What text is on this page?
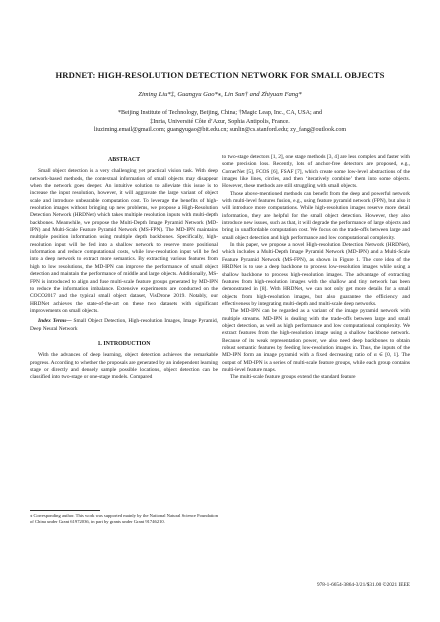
HRDNET: HIGH-RESOLUTION DETECTION NETWORK FOR SMALL OBJECTS
Ziming Liu*‡, Guangyu Gao*⁎, Lin Sun† and Zhiyuan Fang*
*Beijing Institute of Technology, Beijing, China; †Magic Leap, Inc., CA, USA; and
‡Inria, Université Côte d’Azur, Sophia Antipolis, France.
liuziming.email@gmail.com; guangyugao@bit.edu.cn; sunlin@cs.stanford.edu; zy_fang@outlook.com
ABSTRACT

Small object detection is a very challenging yet practical vision task. With deep network-based methods, the contextual information of small objects may disappear when the network goes deeper. An intuitive solution to alleviate this issue is to increase the input resolution, however, it will aggravate the large variant of object scale and introduce unbearable computation cost. To leverage the benefits of high-resolution images without bringing up new problems, we propose a High-Resolution Detection Network (HRDNet) which takes multiple resolution inputs with multi-depth backbones. Meanwhile, we propose the Multi-Depth Image Pyramid Network (MD-IPN) and Multi-Scale Feature Pyramid Network (MS-FPN). The MD-IPN maintains multiple position information using multiple depth backbones. Specifically, high-resolution input will be fed into a shallow network to reserve more positional information and reduce computational costs, while low-resolution input will be fed into a deep network to extract more semantics. By extracting various features from high to low resolutions, the MD-IPN can improve the performance of small object detection and maintain the performance of middle and large objects. Additionally, MS-FPN is introduced to align and fuse multi-scale feature groups generated by MD-IPN to reduce the information imbalance. Extensive experiments are conducted on the COCO2017 and the typical small object dataset, VisDrone 2019. Notably, our HRDNet achieves the state-of-the-art on these two datasets with significant improvements on small objects.

Index Terms— Small Object Detection, High-resolution Images, Image Pyramid, Deep Neural Network

1. INTRODUCTION

With the advances of deep learning, object detection achieves the remarkable progress. According to whether the proposals are generated by an independent learning stage or directly and densely sample possible locations, object detection can be classified into two-stage or one-stage models. Compared

⁎ Corresponding author. This work was supported mainly by the National Natural Science Foundation of China under Grant 61972036, in part by grants under Grant 91746210.

to two-stage detectors [1, 2], one stage methods [3, 4] are less complex and faster with some precision loss. Recently, lots of anchor-free detectors are proposed, e.g., CornerNet [5], FCOS [6], FSAF [7], which create some low-level abstractions of the images like lines, circles, and then ‘iteratively combine’ them into some objects. However, these methods are still struggling with small objects.

Those above-mentioned methods can benefit from the deep and powerful network with multi-level features fusion, e.g., using feature pyramid network (FPN), but also it will introduce more computations. While high-resolution images reserve more detail information, they are helpful for the small object detection. However, they also introduce new issues, such as that, it will degrade the performance of large objects and bring in unaffordable computation cost. We focus on the trade-offs between large and small object detection and high performance and low computational complexity.

In this paper, we propose a novel High-resolution Detection Network (HRDNet), which includes a Multi-Depth Image Pyramid Network (MD-IPN) and a Multi-Scale Feature Pyramid Network (MS-FPN), as shown in Figure 1. The core idea of the HRDNet is to use a deep backbone to process low-resolution images while using a shallow backbone to process high-resolution images. The advantage of extracting features from high-resolution images with the shallow and tiny network has been demonstrated in [8]. With HRDNet, we can not only get more details for a small objects from high-resolution images, but also guarantee the efficiency and effectiveness by integrating multi-depth and multi-scale deep networks.

The MD-IPN can be regarded as a variant of the image pyramid network with multiple streams. MD-IPN is dealing with the trade-offs between large and small object detection, as well as high performance and low computational complexity. We extract features from the high-resolution image using a shallow backbone network. Because of its weak representation power, we also need deep backbones to obtain robust semantic features by feeding low-resolution images in. Thus, the inputs of the MD-IPN form an image pyramid with a fixed decreasing ratio of α ∈ [0, 1]. The output of MD-IPN is a series of multi-scale feature groups, while each group contains multi-level feature maps.

The multi-scale feature groups extend the standard feature

978-1-6654-3864-3/21/$31.00 ©2021 IEEE
